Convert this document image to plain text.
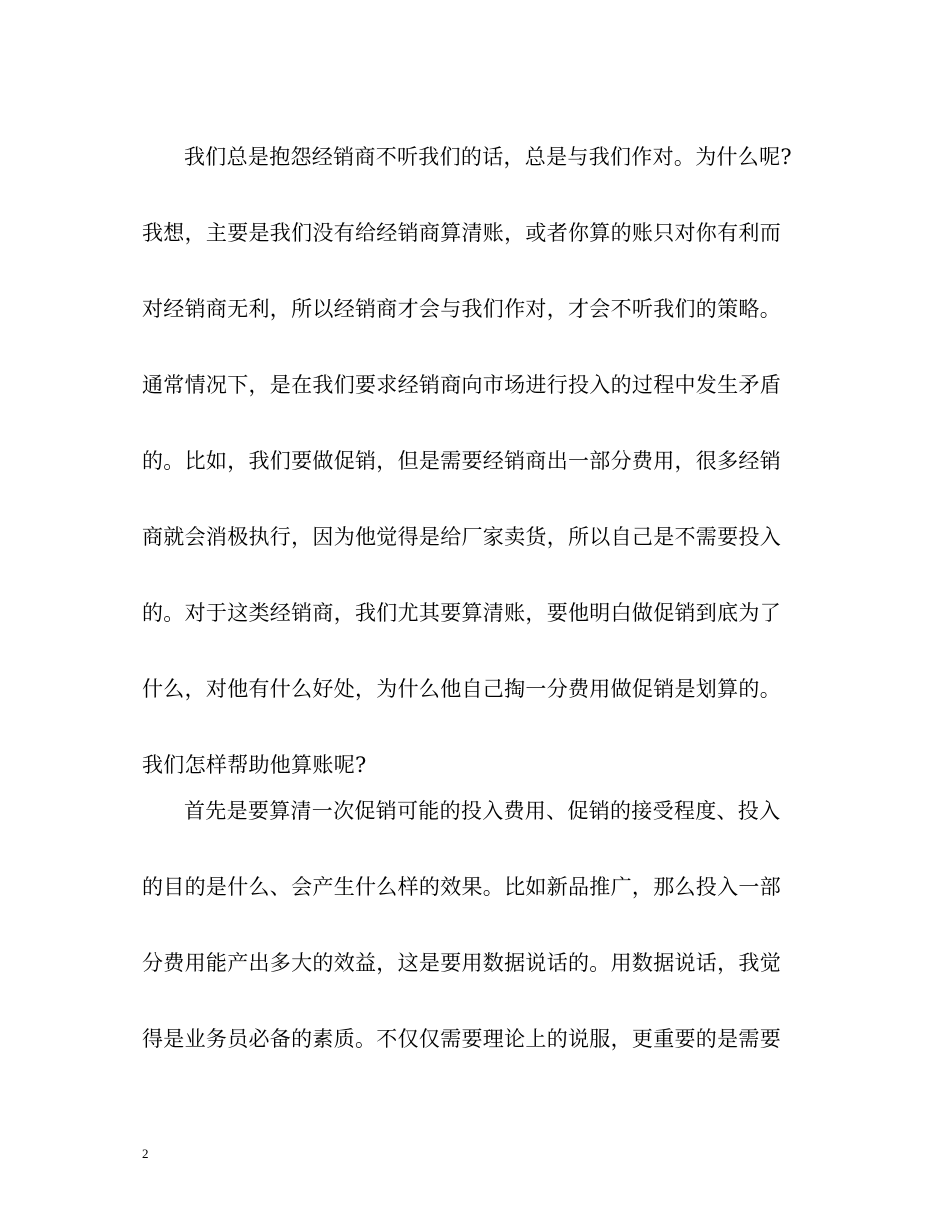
我们总是抱怨经销商不听我们的话，总是与我们作对。为什么呢?
我想，主要是我们没有给经销商算清账，或者你算的账只对你有利而
对经销商无利，所以经销商才会与我们作对，才会不听我们的策略。
通常情况下，是在我们要求经销商向市场进行投入的过程中发生矛盾
的。比如，我们要做促销，但是需要经销商出一部分费用，很多经销
商就会消极执行，因为他觉得是给厂家卖货，所以自己是不需要投入
的。对于这类经销商，我们尤其要算清账，要他明白做促销到底为了
什么，对他有什么好处，为什么他自己掏一分费用做促销是划算的。
我们怎样帮助他算账呢?
首先是要算清一次促销可能的投入费用、促销的接受程度、投入
的目的是什么、会产生什么样的效果。比如新品推广，那么投入一部
分费用能产出多大的效益，这是要用数据说话的。用数据说话，我觉
得是业务员必备的素质。不仅仅需要理论上的说服，更重要的是需要
2
